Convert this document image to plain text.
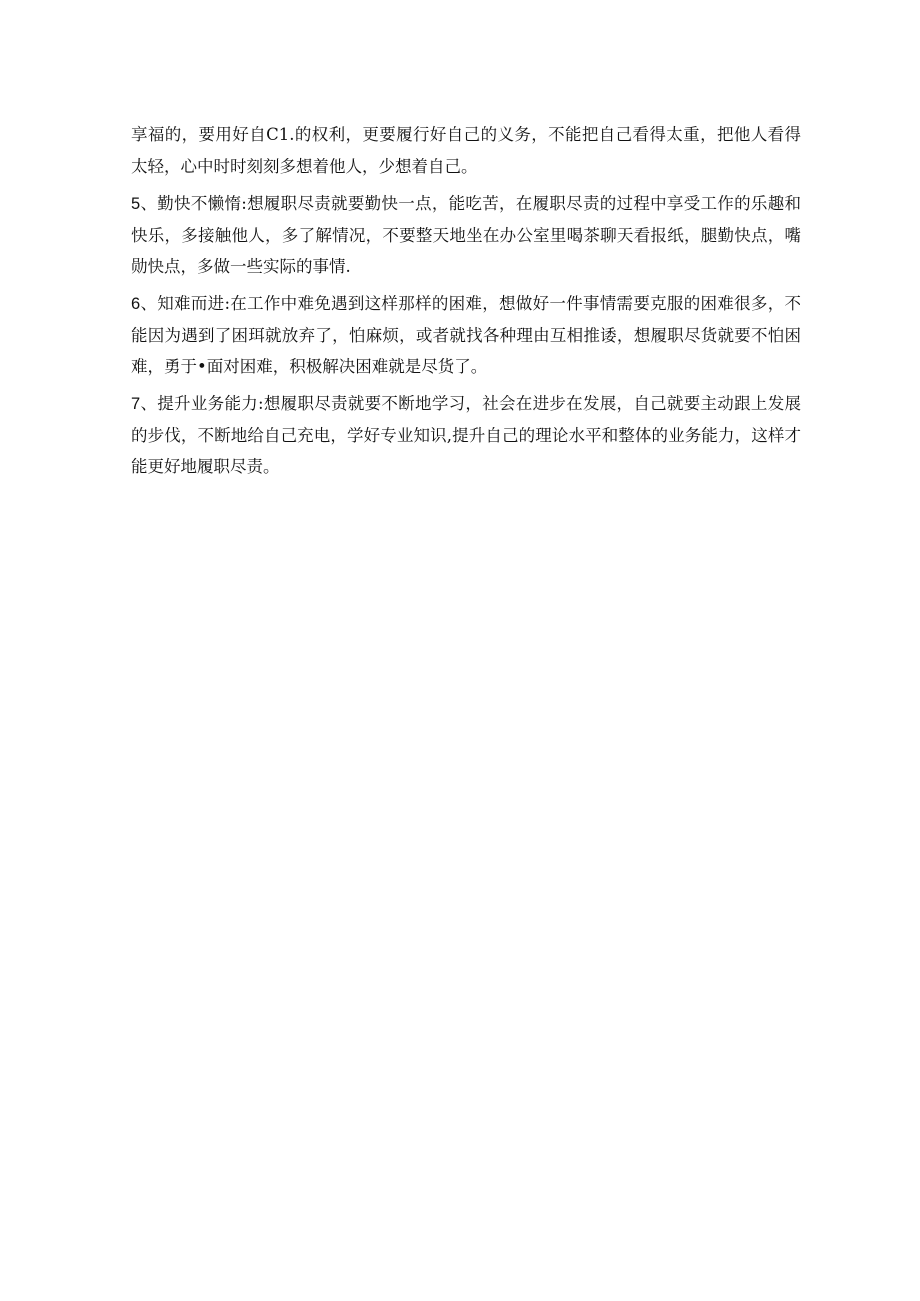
享福的，要用好自C1.的权利，更要履行好自己的义务，不能把自己看得太重，把他人看得太轻，心中时时刻刻多想着他人，少想着自己。

5、勤快不懒惰:想履职尽责就要勤快一点，能吃苦，在履职尽责的过程中享受工作的乐趣和快乐，多接触他人，多了解情况，不要整天地坐在办公室里喝茶聊天看报纸，腿勤快点，嘴勋快点，多做一些实际的事情.

6、知难而进:在工作中难免遇到这样那样的困难，想做好一件事情需要克服的困难很多，不能因为遇到了困珥就放弃了，怕麻烦，或者就找各种理由互相推诿，想履职尽货就要不怕困难，勇于•面对困难，积极解决困难就是尽货了。

7、提升业务能力:想履职尽责就要不断地学习，社会在进步在发展，自己就要主动跟上发展的步伐，不断地给自己充电，学好专业知识,提升自己的理论水平和整体的业务能力，这样才能更好地履职尽责。
